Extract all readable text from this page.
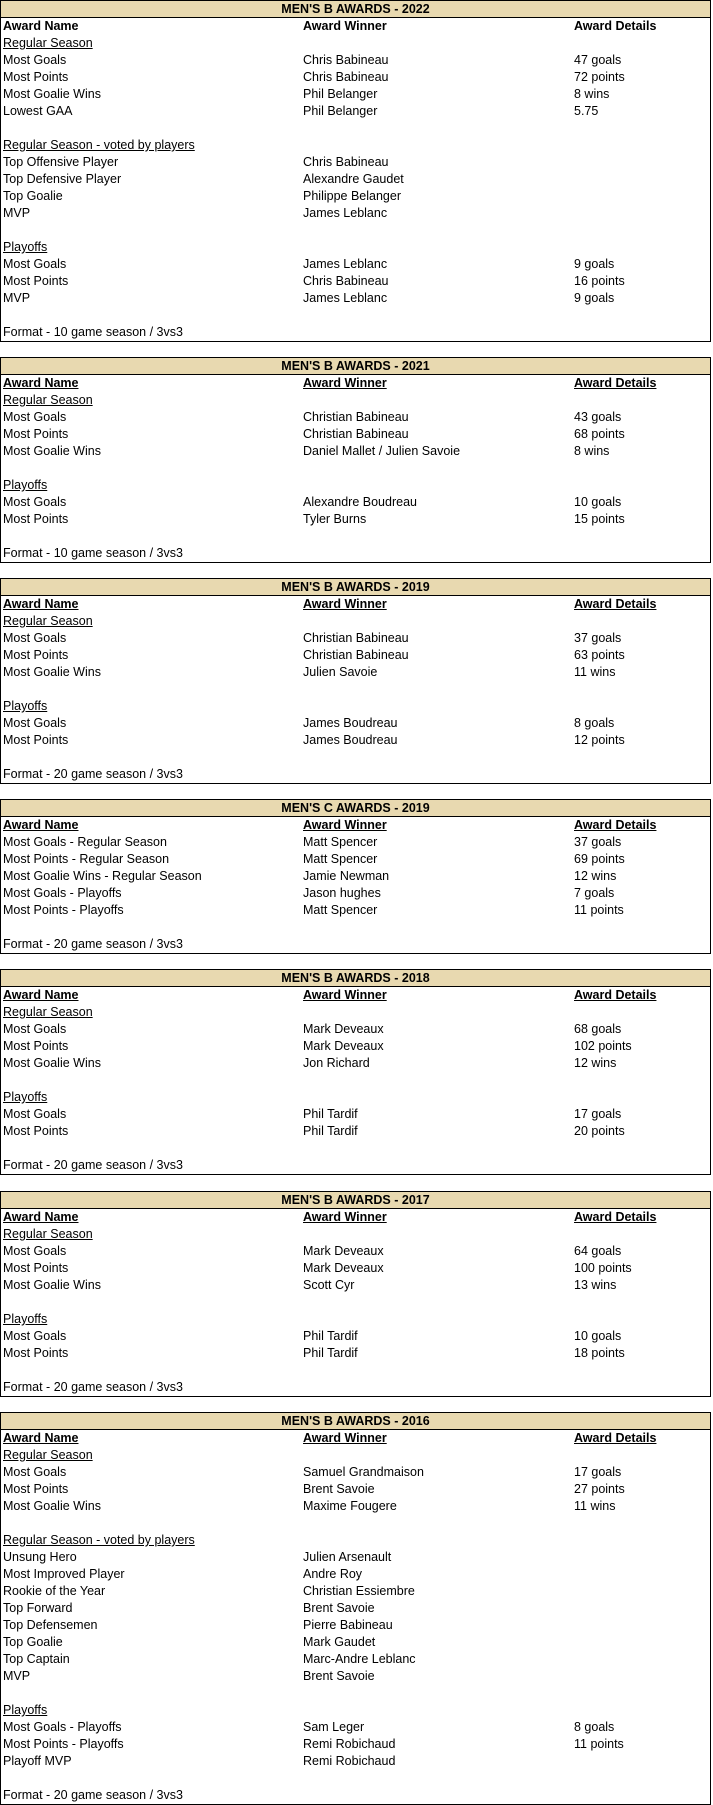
MEN'S B AWARDS - 2022
Award Name	Award Winner	Award Details
Regular Season
Most Goals	Chris Babineau	47 goals
Most Points	Chris Babineau	72 points
Most Goalie Wins	Phil Belanger	8 wins
Lowest GAA	Phil Belanger	5.75
Regular Season - voted by players
Top Offensive Player	Chris Babineau
Top Defensive Player	Alexandre Gaudet
Top Goalie	Philippe Belanger
MVP	James Leblanc
Playoffs
Most Goals	James Leblanc	9 goals
Most Points	Chris Babineau	16 points
MVP	James Leblanc	9 goals
Format - 10 game season / 3vs3
MEN'S B AWARDS - 2021
Award Name	Award Winner	Award Details
Regular Season
Most Goals	Christian Babineau	43 goals
Most Points	Christian Babineau	68 points
Most Goalie Wins	Daniel Mallet / Julien Savoie	8 wins
Playoffs
Most Goals	Alexandre Boudreau	10 goals
Most Points	Tyler Burns	15 points
Format - 10 game season / 3vs3
MEN'S B AWARDS - 2019
Award Name	Award Winner	Award Details
Regular Season
Most Goals	Christian Babineau	37 goals
Most Points	Christian Babineau	63 points
Most Goalie Wins	Julien Savoie	11 wins
Playoffs
Most Goals	James Boudreau	8 goals
Most Points	James Boudreau	12 points
Format - 20 game season / 3vs3
MEN'S C AWARDS - 2019
Award Name	Award Winner	Award Details
Most Goals - Regular Season	Matt Spencer	37 goals
Most Points - Regular Season	Matt Spencer	69 points
Most Goalie Wins - Regular Season	Jamie Newman	12 wins
Most Goals - Playoffs	Jason hughes	7 goals
Most Points - Playoffs	Matt Spencer	11 points
Format - 20 game season / 3vs3
MEN'S B AWARDS - 2018
Award Name	Award Winner	Award Details
Regular Season
Most Goals	Mark Deveaux	68 goals
Most Points	Mark Deveaux	102 points
Most Goalie Wins	Jon Richard	12 wins
Playoffs
Most Goals	Phil Tardif	17 goals
Most Points	Phil Tardif	20 points
Format - 20 game season / 3vs3
MEN'S B AWARDS - 2017
Award Name	Award Winner	Award Details
Regular Season
Most Goals	Mark Deveaux	64 goals
Most Points	Mark Deveaux	100 points
Most Goalie Wins	Scott Cyr	13 wins
Playoffs
Most Goals	Phil Tardif	10 goals
Most Points	Phil Tardif	18 points
Format - 20 game season / 3vs3
MEN'S B AWARDS - 2016
Award Name	Award Winner	Award Details
Regular Season
Most Goals	Samuel Grandmaison	17 goals
Most Points	Brent Savoie	27 points
Most Goalie Wins	Maxime Fougere	11 wins
Regular Season - voted by players
Unsung Hero	Julien Arsenault
Most Improved Player	Andre Roy
Rookie of the Year	Christian Essiembre
Top Forward	Brent Savoie
Top Defensemen	Pierre Babineau
Top Goalie	Mark Gaudet
Top Captain	Marc-Andre Leblanc
MVP	Brent Savoie
Playoffs
Most Goals - Playoffs	Sam Leger	8 goals
Most Points - Playoffs	Remi Robichaud	11 points
Playoff MVP	Remi Robichaud
Format - 20 game season / 3vs3
